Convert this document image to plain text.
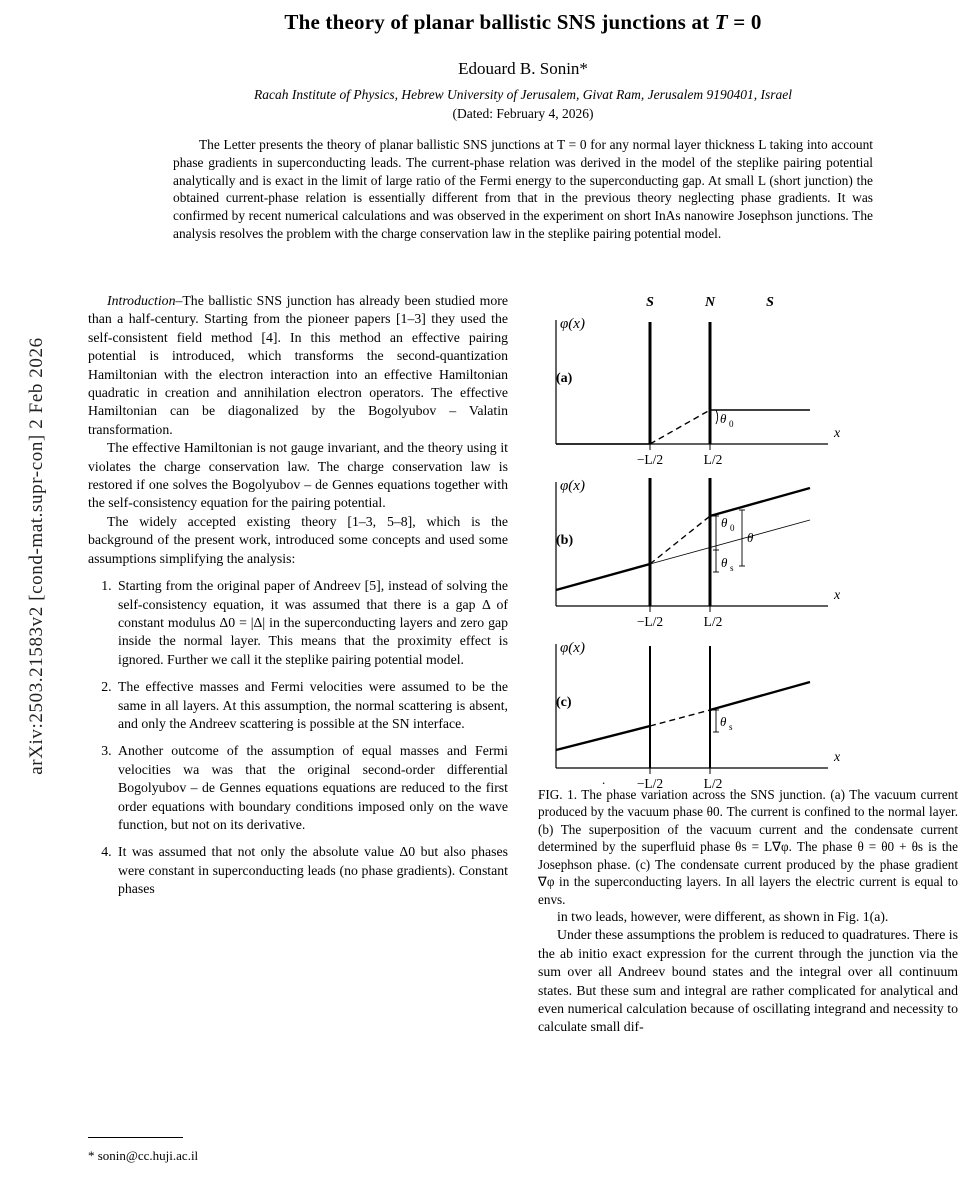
arXiv:2503.21583v2 [cond-mat.supr-con] 2 Feb 2026
The theory of planar ballistic SNS junctions at T = 0
Edouard B. Sonin*
Racah Institute of Physics, Hebrew University of Jerusalem, Givat Ram, Jerusalem 9190401, Israel
(Dated: February 4, 2026)
The Letter presents the theory of planar ballistic SNS junctions at T = 0 for any normal layer thickness L taking into account phase gradients in superconducting leads. The current-phase relation was derived in the model of the steplike pairing potential analytically and is exact in the limit of large ratio of the Fermi energy to the superconducting gap. At small L (short junction) the obtained current-phase relation is essentially different from that in the previous theory neglecting phase gradients. It was confirmed by recent numerical calculations and was observed in the experiment on short InAs nanowire Josephson junctions. The analysis resolves the problem with the charge conservation law in the steplike pairing potential model.

Introduction–The ballistic SNS junction has already been studied more than a half-century. Starting from the pioneer papers [1–3] they used the self-consistent field method [4]. In this method an effective pairing potential is introduced, which transforms the second-quantization Hamiltonian with the electron interaction into an effective Hamiltonian quadratic in creation and annihilation electron operators. The effective Hamiltonian can be diagonalized by the Bogolyubov – Valatin transformation.

The effective Hamiltonian is not gauge invariant, and the theory using it violates the charge conservation law. The charge conservation law is restored if one solves the Bogolyubov – de Gennes equations together with the self-consistency equation for the pairing potential.

The widely accepted existing theory [1–3, 5–8], which is the background of the present work, introduced some concepts and used some assumptions simplifying the analysis:

1. Starting from the original paper of Andreev [5], instead of solving the self-consistency equation, it was assumed that there is a gap Δ of constant modulus Δ0 = |Δ| in the superconducting layers and zero gap inside the normal layer. This means that the proximity effect is ignored. Further we call it the steplike pairing potential model.
2. The effective masses and Fermi velocities were assumed to be the same in all layers. At this assumption, the normal scattering is absent, and only the Andreev scattering is possible at the SN interface.
3. Another outcome of the assumption of equal masses and Fermi velocities wa was that the original second-order differential Bogolyubov – de Gennes equations equations are reduced to the first order equations with boundary conditions imposed only on the wave function, but not on its derivative.
4. It was assumed that not only the absolute value Δ0 but also phases were constant in superconducting leads (no phase gradients). Constant phases
* sonin@cc.huji.ac.il
S	N	S
(a)
φ(x)
x
θ 0
−L/2	L/2
(b)
φ(x)
x
θ 0
θ s
θ
−L/2	L/2
(c)
φ(x)
x
θ s
−L/2	L/2
.
FIG. 1. The phase variation across the SNS junction. (a) The vacuum current produced by the vacuum phase θ0. The current is confined to the normal layer. (b) The superposition of the vacuum current and the condensate current determined by the superfluid phase θs = L∇φ. The phase θ = θ0 + θs is the Josephson phase. (c) The condensate current produced by the phase gradient ∇φ in the superconducting layers. In all layers the electric current is equal to envs.

in two leads, however, were different, as shown in Fig. 1(a).

Under these assumptions the problem is reduced to quadratures. There is the ab initio exact expression for the current through the junction via the sum over all Andreev bound states and the integral over all continuum states. But these sum and integral are rather complicated for analytical and even numerical calculation because of oscillating integrand and necessity to calculate small dif-
